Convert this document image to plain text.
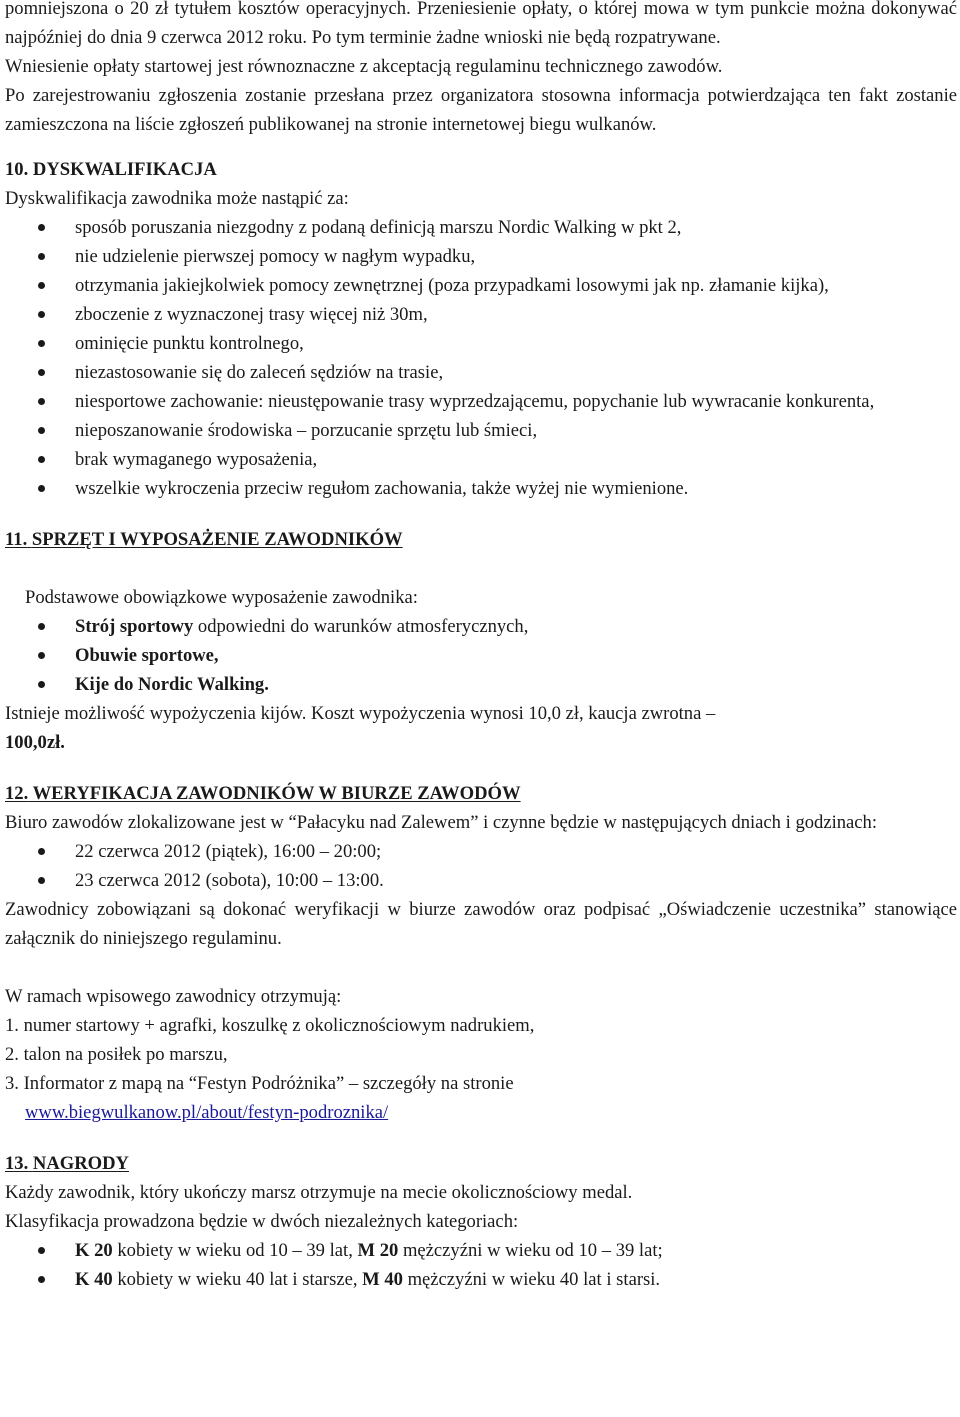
pomniejszona o 20 zł tytułem kosztów operacyjnych. Przeniesienie opłaty, o której mowa w tym punkcie można dokonywać najpóźniej do dnia 9 czerwca 2012 roku. Po tym terminie żadne wnioski nie będą rozpatrywane.

Wniesienie opłaty startowej jest równoznaczne z akceptacją regulaminu technicznego zawodów.

Po zarejestrowaniu zgłoszenia zostanie przesłana przez organizatora stosowna informacja potwierdzająca ten fakt zostanie zamieszczona na liście zgłoszeń publikowanej na stronie internetowej biegu wulkanów.

10. DYSKWALIFIKACJA

Dyskwalifikacja zawodnika może nastąpić za:

sposób poruszania niezgodny z podaną definicją marszu Nordic Walking w pkt 2,
nie udzielenie pierwszej pomocy w nagłym wypadku,
otrzymania jakiejkolwiek pomocy zewnętrznej (poza przypadkami losowymi jak np. złamanie kijka),
zboczenie z wyznaczonej trasy więcej niż 30m,
ominięcie punktu kontrolnego,
niezastosowanie się do zaleceń sędziów na trasie,
niesportowe zachowanie: nieustępowanie trasy wyprzedzającemu, popychanie lub wywracanie konkurenta,
nieposzanowanie środowiska – porzucanie sprzętu lub śmieci,
brak wymaganego wyposażenia,
wszelkie wykroczenia przeciw regułom zachowania, także wyżej nie wymienione.

11. SPRZĘT I WYPOSAŻENIE ZAWODNIKÓW

Podstawowe obowiązkowe wyposażenie zawodnika:

Strój sportowy odpowiedni do warunków atmosferycznych,
Obuwie sportowe,
Kije do Nordic Walking.

Istnieje możliwość wypożyczenia kijów. Koszt wypożyczenia wynosi 10,0 zł, kaucja zwrotna –

100,0zł.

12. WERYFIKACJA ZAWODNIKÓW W BIURZE ZAWODÓW

Biuro zawodów zlokalizowane jest w “Pałacyku nad Zalewem” i czynne będzie w następujących dniach i godzinach:

22 czerwca 2012 (piątek), 16:00 – 20:00;
23 czerwca 2012 (sobota), 10:00 – 13:00.

Zawodnicy zobowiązani są dokonać weryfikacji w biurze zawodów oraz podpisać „Oświadczenie uczestnika” stanowiące załącznik do niniejszego regulaminu.

W ramach wpisowego zawodnicy otrzymują:

1. numer startowy + agrafki, koszulkę z okolicznościowym nadrukiem,

2. talon na posiłek po marszu,

3. Informator z mapą na “Festyn Podróżnika” – szczegóły na stronie

www.biegwulkanow.pl/about/festyn-podroznika/

13. NAGRODY

Każdy zawodnik, który ukończy marsz otrzymuje na mecie okolicznościowy medal.

Klasyfikacja prowadzona będzie w dwóch niezależnych kategoriach:

K 20 kobiety w wieku od 10 – 39 lat, M 20 mężczyźni w wieku od 10 – 39 lat;
K 40 kobiety w wieku 40 lat i starsze, M 40 mężczyźni w wieku 40 lat i starsi.
